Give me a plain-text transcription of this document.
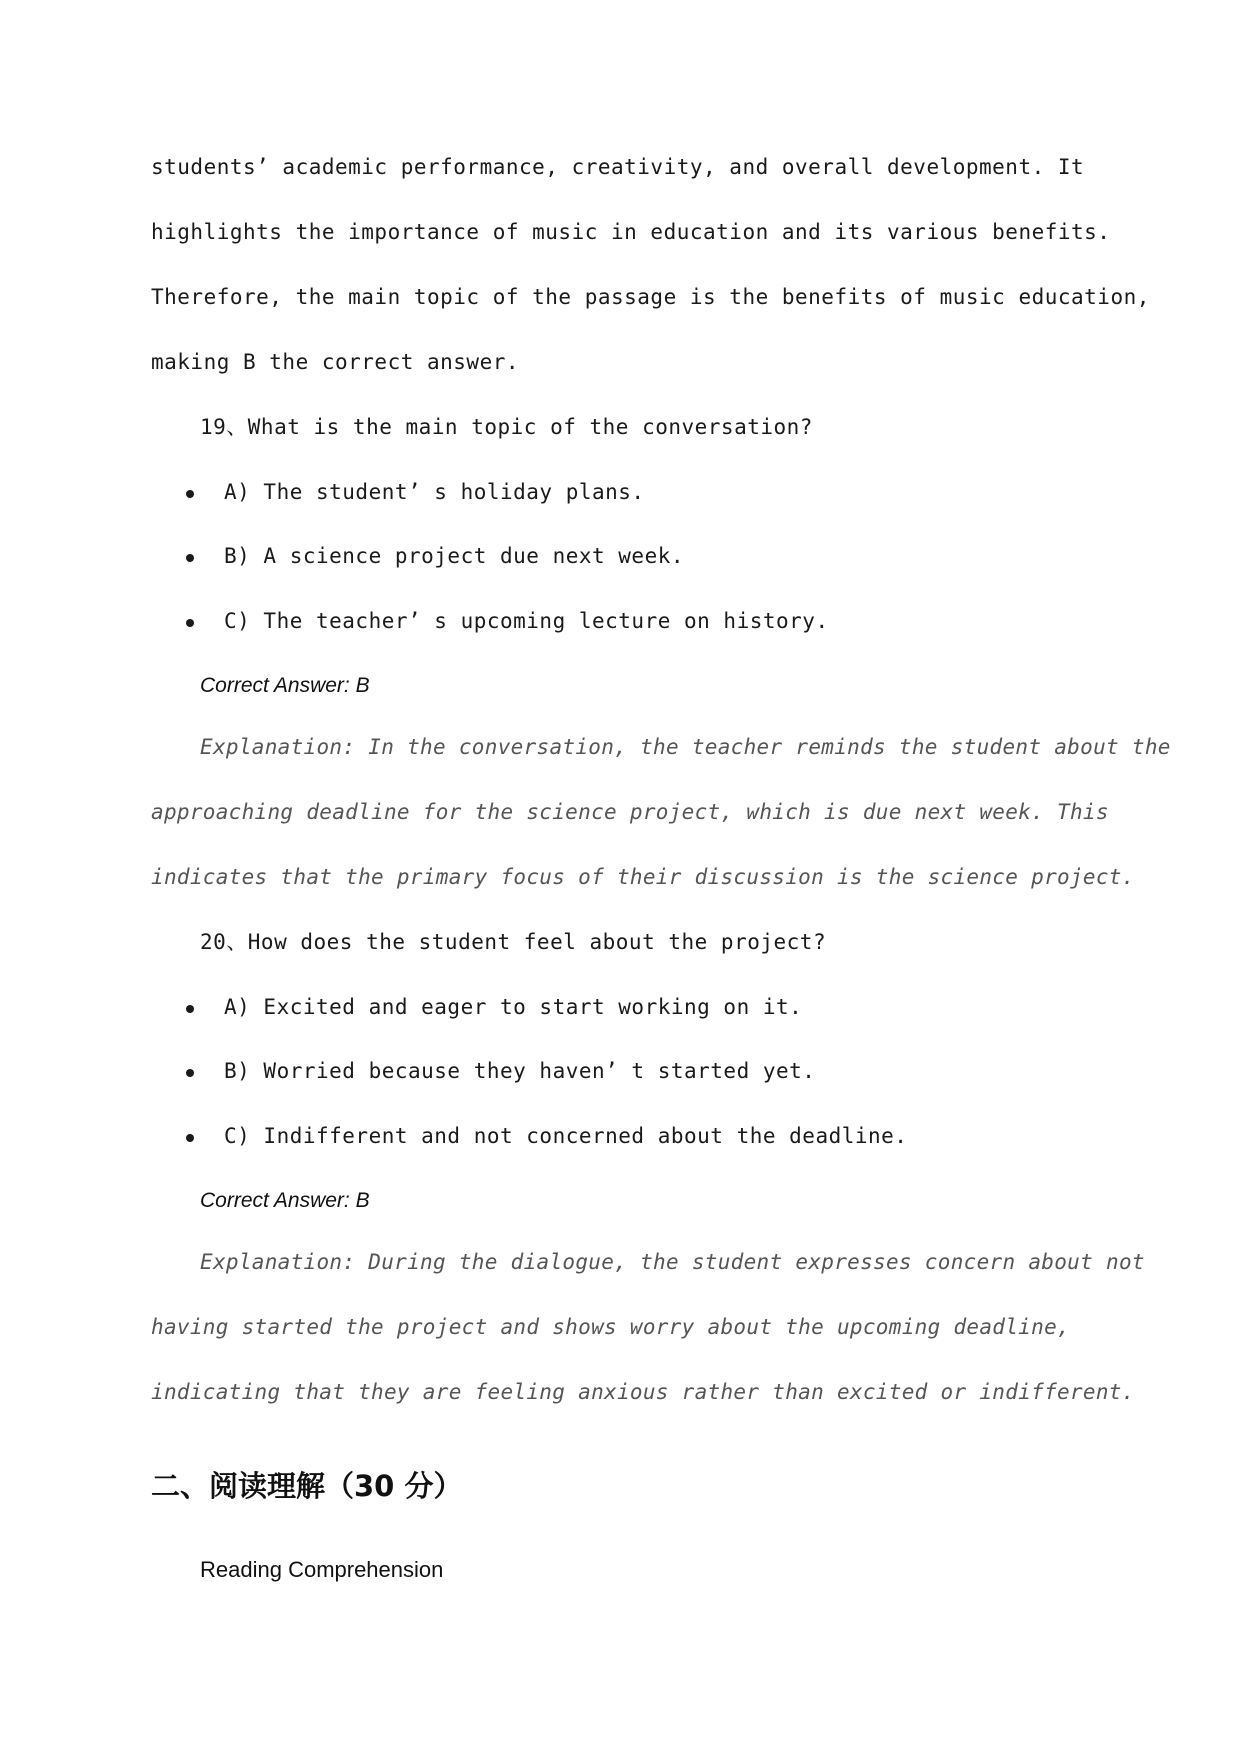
students’ academic performance, creativity, and overall development. It
highlights the importance of music in education and its various benefits.
Therefore, the main topic of the passage is the benefits of music education,
making B the correct answer.
19、What is the main topic of the conversation?
A) The student’ s holiday plans.
B) A science project due next week.
C) The teacher’ s upcoming lecture on history.
Correct Answer: B
Explanation: In the conversation, the teacher reminds the student about the
approaching deadline for the science project, which is due next week. This
indicates that the primary focus of their discussion is the science project.
20、How does the student feel about the project?
A) Excited and eager to start working on it.
B) Worried because they haven’ t started yet.
C) Indifferent and not concerned about the deadline.
Correct Answer: B
Explanation: During the dialogue, the student expresses concern about not
having started the project and shows worry about the upcoming deadline,
indicating that they are feeling anxious rather than excited or indifferent.
二、阅读理解（30 分）
Reading Comprehension
